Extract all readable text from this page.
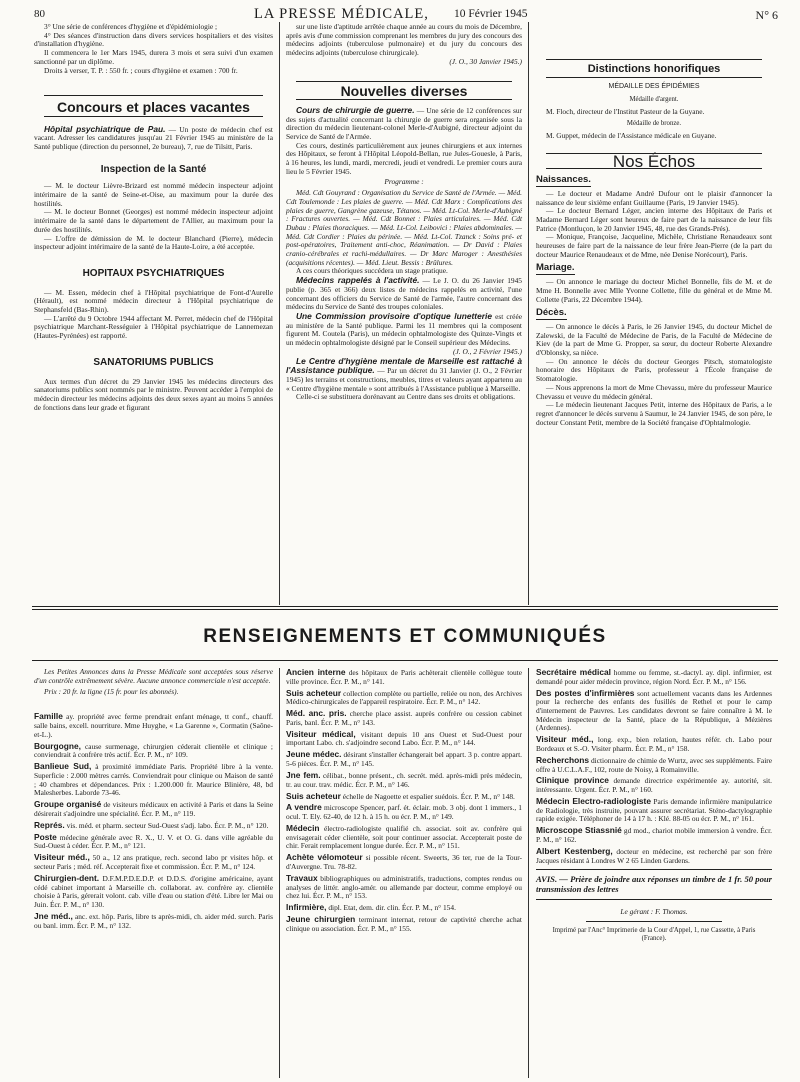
80	LA PRESSE MÉDICALE, 10 Février 1945	N° 6

3° Une série de conférences d'hygiène et d'épidémiologie ;

4° Des séances d'instruction dans divers services hospitaliers et des visites d'installation d'hygiène.

Il commencera le 1er Mars 1945, durera 3 mois et sera suivi d'un examen sanctionné par un diplôme.

Droits à verser, T. P. : 550 fr. ; cours d'hygiène et examen : 700 fr.

Concours et places vacantes

Hôpital psychiatrique de Pau. — Un poste de médecin chef est vacant. Adresser les candidatures jusqu'au 21 Février 1945 au ministère de la Santé publique (direction du personnel, 2e bureau), 7, rue de Tilsitt, Paris.

Inspection de la Santé

— M. le docteur Lièvre-Brizard est nommé médecin inspecteur adjoint intérimaire de la santé de Seine-et-Oise, au maximum pour la durée des hostilités.

— M. le docteur Bonnet (Georges) est nommé médecin inspecteur adjoint intérimaire de la santé dans le département de l'Allier, au maximum pour la durée des hostilités.

— L'offre de démission de M. le docteur Blanchard (Pierre), médecin inspecteur adjoint intérimaire de la santé de la Haute-Loire, a été acceptée.

HOPITAUX PSYCHIATRIQUES

— M. Essen, médecin chef à l'Hôpital psychiatrique de Font-d'Aurelle (Hérault), est nommé médecin directeur à l'Hôpital psychiatrique de Stephansfeld (Bas-Rhin).

— L'arrêté du 9 Octobre 1944 affectant M. Perret, médecin chef de l'Hôpital psychiatrique Marchant-Rességuier à l'Hôpital psychiatrique de Lannemezan (Hautes-Pyrénées) est rapporté.

SANATORIUMS PUBLICS

Aux termes d'un décret du 29 Janvier 1945 les médecins directeurs des sanatoriums publics sont nommés par le ministre. Peuvent accéder à l'emploi de médecin directeur les médecins adjoints des deux sexes ayant au moins 5 années de fonctions dans leur grade et figurant

sur une liste d'aptitude arrêtée chaque année au cours du mois de Décembre, après avis d'une commission comprenant les membres du jury des concours des médecins adjoints (tuberculose pulmonaire) et du jury du concours des médecins adjoints (tuberculose chirurgicale).

(J. O., 30 Janvier 1945.)
Nouvelles diverses

Cours de chirurgie de guerre. — Une série de 12 conférences sur des sujets d'actualité concernant la chirurgie de guerre sera organisée sous la direction du médecin lieutenant-colonel Merle-d'Aubigné, directeur adjoint du Service de Santé de l'Armée.

Ces cours, destinés particulièrement aux jeunes chirurgiens et aux internes des Hôpitaux, se feront à l'Hôpital Léopold-Bellan, rue Jules-Gouesle, à Paris, à 16 heures, les lundi, mardi, mercredi, jeudi et vendredi. Le premier cours aura lieu le 5 Février 1945.

Programme :

Méd. Cdt Gouyrand : Organisation du Service de Santé de l'Armée. — Méd. Cdt Toulemonde : Les plaies de guerre. — Méd. Cdt Marx : Complications des plaies de guerre, Gangrène gazeuse, Tétanos. — Méd. Lt-Col. Merle-d'Aubigné : Fractures ouvertes. — Méd. Cdt Bonnet : Plaies articulaires. — Méd. Cdt Dubau : Plaies thoraciques. — Méd. Lt-Col. Leibovici : Plaies abdominales. — Méd. Cdt Cordier : Plaies du périnée. — Méd. Lt-Col. Tzanck : Soins pré- et post-opératoires, Traitement anti-choc, Réanimation. — Dr David : Plaies cranio-cérébrales et rachi-médullaires. — Dr Marc Maroger : Anesthésies (acquisitions récentes). — Méd. Lieut. Bessis : Brûlures.

A ces cours théoriques succédera un stage pratique.

Médecins rappelés à l'activité. — Le J. O. du 26 Janvier 1945 publie (p. 365 et 366) deux listes de médecins rappelés en activité, l'une concernant des officiers du Service de Santé de l'armée, l'autre concernant des médecins du Service de Santé des troupes coloniales.

Une Commission provisoire d'optique lunetterie est créée au ministère de la Santé publique. Parmi les 11 membres qui la composent figurent M. Coutela (Paris), un médecin ophtalmologiste des Quinze-Vingts et un médecin ophtalmologiste désigné par le Conseil supérieur des Médecins.

(J. O., 2 Février 1945.)

Le Centre d'hygiène mentale de Marseille est rattaché à l'Assistance publique. — Par un décret du 31 Janvier (J. O., 2 Février 1945) les terrains et constructions, meubles, titres et valeurs ayant appartenu au « Centre d'hygiène mentale » sont attribués à l'Assistance publique à Marseille.

Celle-ci se substituera dorénavant au Centre dans ses droits et obligations.

Distinctions honorifiques
MÉDAILLE DES ÉPIDÉMIES
Médaille d'argent.

M. Floch, directeur de l'Institut Pasteur de la Guyane.

Médaille de bronze.

M. Guppet, médecin de l'Assistance médicale en Guyane.

Nos Échos
Naissances.

— Le docteur et Madame André Dufour ont le plaisir d'annoncer la naissance de leur sixième enfant Guillaume (Paris, 19 Janvier 1945).

— Le docteur Bernard Léger, ancien interne des Hôpitaux de Paris et Madame Bernard Léger sont heureux de faire part de la naissance de leur fils Patrice (Montluçon, le 20 Janvier 1945, 48, rue des Grands-Prés).

— Monique, Françoise, Jacqueline, Michèle, Christiane Renaudeaux sont heureuses de faire part de la naissance de leur frère Jean-Pierre (de la part du docteur Maurice Renaudeaux et de Mme, née Denise Norécourt), Paris.

Mariage.

— On annonce le mariage du docteur Michel Bonnelle, fils de M. et de Mme H. Bonnelle avec Mlle Yvonne Collette, fille du général et de Mme M. Collette (Paris, 22 Décembre 1944).

Décès.

— On annonce le décès à Paris, le 26 Janvier 1945, du docteur Michel de Zalewski, de la Faculté de Médecine de Paris, de la Faculté de Médecine de Kiev (de la part de Mme G. Propper, sa sœur, du docteur Roberte Alexandre d'Oblonsky, sa nièce.

— On annonce le décès du docteur Georges Pitsch, stomatologiste honoraire des Hôpitaux de Paris, professeur à l'École française de Stomatologie.

— Nous apprenons la mort de Mme Chevassu, mère du professeur Maurice Chevassu et veuve du médecin général.

— Le médecin lieutenant Jacques Petit, interne des Hôpitaux de Paris, a le regret d'annoncer le décès survenu à Saumur, le 24 Janvier 1945, de son père, le docteur Constant Petit, membre de la Société française d'Ophtalmologie.

RENSEIGNEMENTS ET COMMUNIQUÉS

Les Petites Annonces dans la Presse Médicale sont acceptées sous réserve d'un contrôle extrêmement sévère. Aucune annonce commerciale n'est acceptée.

Prix : 20 fr. la ligne (15 fr. pour les abonnés).

Famille ay. propriété avec ferme prendrait enfant ménage, tt conf., chauff. salle bains, excell. nourriture. Mme Huyghe, « La Garenne », Cormatin (Saône-et-L.).

Bourgogne, cause surmenage, chirurgien céderait clientèle et clinique ; conviendrait à confrère très actif. Écr. P. M., n° 109.

Banlieue Sud, à proximité immédiate Paris. Propriété libre à la vente. Superficie : 2.000 mètres carrés. Conviendrait pour clinique ou Maison de santé ; 40 chambres et dépendances. Prix : 1.200.000 fr. Maurice Blinière, 48, bd Malesherbes. Laborde 73-46.

Groupe organisé de visiteurs médicaux en activité à Paris et dans la Seine désirerait s'adjoindre une spécialité. Écr. P. M., n° 119.

Représ. vis. méd. et pharm. secteur Sud-Ouest s'adj. labo. Écr. P. M., n° 120.

Poste médecine générale avec R. X., U. V. et O. G. dans ville agréable du Sud-Ouest à céder. Écr. P. M., n° 121.

Visiteur méd., 50 a., 12 ans pratique, rech. second labo pr visites hôp. et secteur Paris ; méd. réf. Accepterait fixe et commission. Écr. P. M., n° 124.

Chirurgien-dent. D.F.M.P.D.E.D.P. et D.D.S. d'origine américaine, ayant cédé cabinet important à Marseille ch. collaborat. av. confrère ay. clientèle choisie à Paris, gérerait volont. cab. ville d'eau ou station d'été. Libre ler Mai ou Juin. Écr. P. M., n° 130.

Jne méd., anc. ext. hôp. Paris, libre ts après-midi, ch. aider méd. surch. Paris ou banl. imm. Écr. P. M., n° 132.

Ancien interne des hôpitaux de Paris achèterait clientèle collègue toute ville province. Écr. P. M., n° 141.

Suis acheteur collection complète ou partielle, reliée ou non, des Archives Médico-chirurgicales de l'appareil respiratoire. Écr. P. M., n° 142.

Méd. anc. pris. cherche place assist. auprès confrère ou cession cabinet Paris, banl. Écr. P. M., n° 143.

Visiteur médical, visitant depuis 10 ans Ouest et Sud-Ouest pour important Labo. ch. s'adjoindre second Labo. Écr. P. M., n° 144.

Jeune médec. désirant s'installer échangerait bel appart. 3 p. contre appart. 5-6 pièces. Écr. P. M., n° 145.

Jne fem. célibat., bonne présent., ch. secrét. méd. après-midi près médecin, tr. au cour. trav. médic. Écr. P. M., n° 146.

Suis acheteur échelle de Nagoette et espalier suédois. Écr. P. M., n° 148.

A vendre microscope Spencer, parf. ét. éclair. mob. 3 obj. dont 1 immers., 1 ocul. T. Ely. 62-40, de 12 h. à 15 h. ou écr. P. M., n° 149.

Médecin électro-radiologiste qualifié ch. associat. soit av. confrère qui envisagerait céder clientèle, soit pour continuer associat. Accepterait poste de chir. Ferait remplacement longue durée. Écr. P. M., n° 151.

Achète vélomoteur si possible récent. Sweerts, 36 ter, rue de la Tour-d'Auvergne. Tru. 78-82.

Travaux bibliographiques ou administratifs, traductions, comptes rendus ou analyses de littér. anglo-amér. ou allemande par docteur, comme employé ou chez lui. Écr. P. M., n° 153.

Infirmière, dipl. Etat, dem. dir. clin. Écr. P. M., n° 154.

Jeune chirurgien terminant internat, retour de captivité cherche achat clinique ou association. Écr. P. M., n° 155.

Secrétaire médical homme ou femme, st.-dactyl. ay. dipl. infirmier, est demandé pour aider médecin province, région Nord. Écr. P. M., n° 156.

Des postes d'infirmières sont actuellement vacants dans les Ardennes pour la recherche des enfants des fusillés de Rethel et pour le camp d'internement de Pauvres. Les candidates devront se faire connaître à M. le Médecin inspecteur de la Santé, place de la République, à Mézières (Ardennes).

Visiteur méd., long. exp., bien relation, hautes référ. ch. Labo pour Bordeaux et S.-O. Visiter pharm. Écr. P. M., n° 158.

Recherchons dictionnaire de chimie de Wurtz, avec ses suppléments. Faire offre à U.C.L.A.F., 102, route de Noisy, à Romainville.

Clinique province demande directrice expérimentée ay. autorité, sit. intéressante. Urgent. Écr. P. M., n° 160.

Médecin Electro-radiologiste Paris demande infirmière manipulatrice de Radiologie, très instruite, pouvant assurer secrétariat. Sténo-dactylographie rapide exigée. Téléphoner de 14 à 17 h. : Klé. 88-05 ou écr. P. M., n° 161.

Microscope Stiassnié gd mod., chariot mobile immersion à vendre. Écr. P. M., n° 162.

Albert Kestenberg, docteur en médecine, est recherché par son frère Jacques résidant à Londres W 2 65 Linden Gardens.

AVIS. — Prière de joindre aux réponses un timbre de 1 fr. 50 pour transmission des lettres
Le gérant : F. Thomas.
Imprimé par l'Anc° Imprimerie de la Cour d'Appel, 1, rue Cassette, à Paris (France).
